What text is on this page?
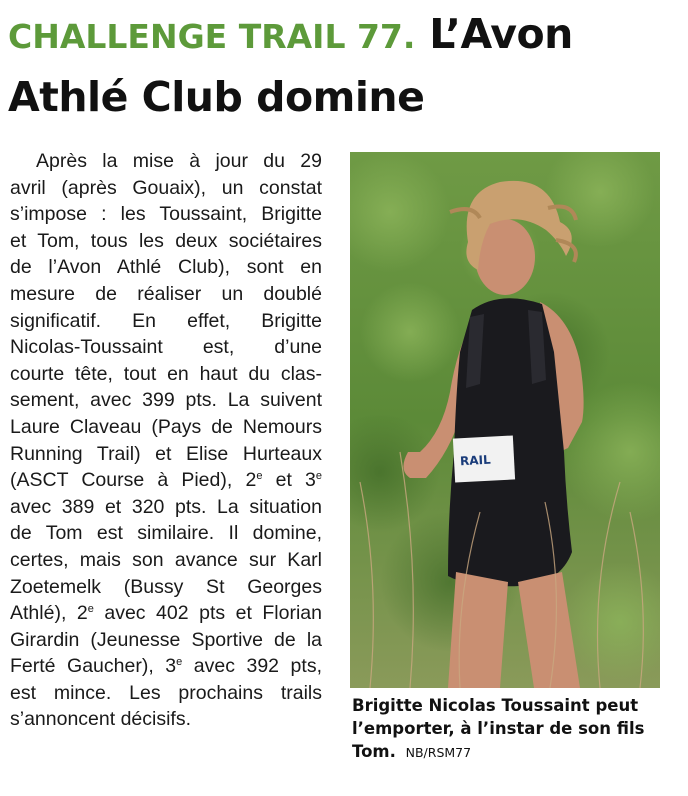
CHALLENGE TRAIL 77. L’Avon
Athlé Club domine
Après la mise à jour du 29
avril (après Gouaix), un constat
s’impose : les Toussaint, Brigitte
et Tom, tous les deux sociétaires
de l’Avon Athlé Club), sont en
mesure de réaliser un doublé
significatif. En effet, Brigitte
Nicolas-Toussaint est, d’une
courte tête, tout en haut du clas-
sement, avec 399 pts. La suivent
Laure Claveau (Pays de Nemours
Running Trail) et Elise Hurteaux
(ASCT Course à Pied), 2e et 3e
avec 389 et 320 pts. La situation
de Tom est similaire. Il domine,
certes, mais son avance sur Karl
Zoetemelk (Bussy St Georges
Athlé), 2e avec 402 pts et Florian
Girardin (Jeunesse Sportive de la
Ferté Gaucher), 3e avec 392 pts,
est mince. Les prochains trails
s’annoncent décisifs.
RAIL

Brigitte Nicolas Toussaint peut l’emporter, à l’instar de son fils Tom. NB/RSM77
